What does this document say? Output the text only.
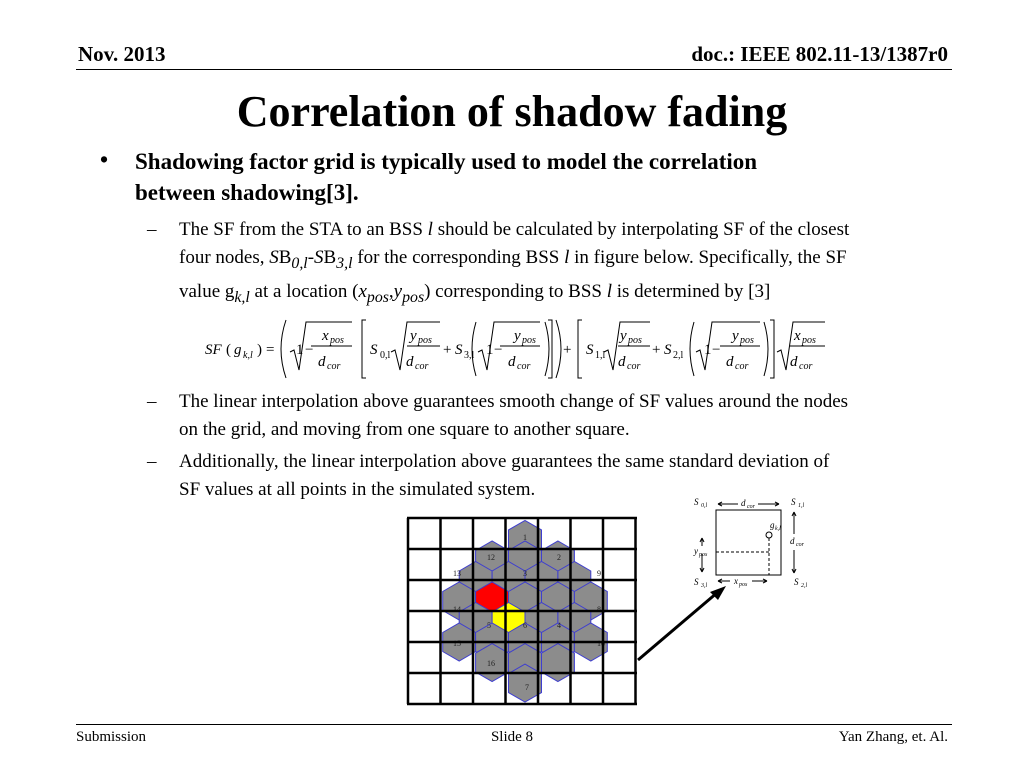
Nov. 2013	doc.: IEEE 802.11-13/1387r0
Correlation of shadow fading
• Shadowing factor grid is typically used to model the correlation
between shadowing[3].
– The SF from the STA to an BSS l should be calculated by interpolating SF of the closest
four nodes, $SB_{0,l}-SB_{3,l}$ for the corresponding BSS l in figure below. Specifically, the SF
value $g_{k,l}$ at a location $(x_{pos},y_{pos})$ corresponding to BSS l is determined by [3]
SF ( g k,l ) = 1 −
x pos
d cor
S 0,l
y pos
d cor
+ S 3,l 1 −
y pos
d cor
+ S 1,l
y pos
d cor
+ S 2,l 1 −
y pos
d cor
x pos
d cor
– The linear interpolation above guarantees smooth change of SF values around the nodes
on the grid, and moving from one square to another square.
– Additionally, the linear interpolation above guarantees the same standard deviation of
SF values at all points in the simulated system.
S 0,l	S 1,l
S 3,l	S 2,l
d cor
d cor
g k,l
y pos
x pos
1
12
13
14
15
16
7
5	6
8
10
9
2
3
4
Submission	Slide 8	Yan Zhang, et. Al.
